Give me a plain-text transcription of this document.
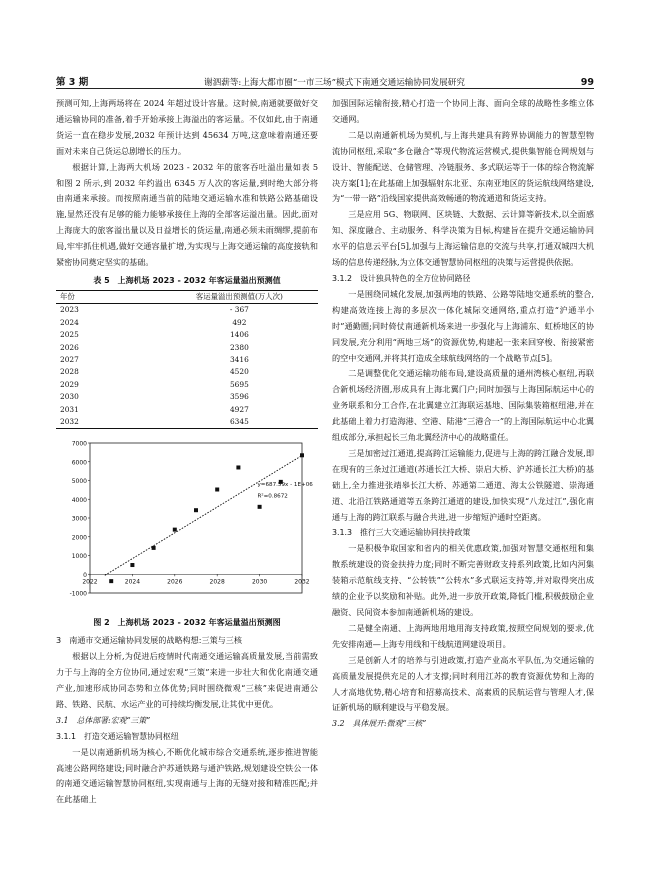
第 3 期	谢泗薪等:上海大都市圈“一市三场”模式下南通交通运输协同发展研究	99

预测可知,上海两场将在 2024 年超过设计容量。这时候,南通就要做好交通运输协同的准备,着手开始承接上海溢出的客运量。不仅如此,由于南通货运一直在稳步发展,2032 年预计达到 45634 万吨,这意味着南通还要面对未来自己货运总剧增长的压力。

根据计算,上海两大机场 2023 - 2032 年的旅客吞吐溢出量如表 5 和图 2 所示,到 2032 年约溢出 6345 万人次的客运量,到时绝大部分将由南通来承接。而按照南通当前的陆地交通运输水准和铁路公路基础设施,显然还没有足够的能力能够承接住上海的全部客运溢出量。因此,面对上海庞大的旅客溢出量以及日益增长的货运量,南通必须未雨绸缪,提前布局,牢牢抓住机遇,做好交通容量扩增,为实现与上海交通运输的高度接轨和紧密协同奠定坚实的基础。

表 5　上海机场 2023 - 2032 年客运量溢出预测值
年份	客运量溢出预测值(万人次)
2023	- 367
2024	492
2025	1406
2026	2380
2027	3416
2028	4520
2029	5695
2030	3596
2031	4927
2032	6345
-1000
0
1000
2000
3000
4000
5000
6000
7000
2022	2024	2026	2028	2030	2032
y=687.59x - 1E+06
R²=0.8672
图 2　上海机场 2023 - 2032 年客运量溢出预测图
3　南通市交通运输协同发展的战略构想:三策与三核

根据以上分析,为促进后疫情时代南通交通运输高质量发展,当前需致力于与上海的全方位协同,通过宏观“三策”来进一步壮大和优化南通交通产业,加速形成协同态势和立体优势;同时围绕微观“三核”来促进南通公路、铁路、民航、水运产业的可持续均衡发展,让其优中更优。

3.1　总体部署:宏观“三策”
3.1.1　打造交通运输智慧协同枢纽

一是以南通新机场为核心,不断优化城市综合交通系统,逐步推进智能高速公路网络建设;同时融合沪苏通铁路与通沪铁路,规划建设空铁公一体的南通交通运输智慧协同枢纽,实现南通与上海的无缝对接和精准匹配;并在此基础上

加强国际运输衔接,精心打造一个协同上海、面向全球的战略性多维立体交通网。

二是以南通新机场为契机,与上海共建具有跨界协调能力的智慧型物流协同枢纽,采取“多仓融合”等现代物流运营模式,提供集智能仓网规划与设计、智能配送、仓储管理、冷链服务、多式联运等于一体的综合物流解决方案[1];在此基础上加强辐射东北亚、东南亚地区的货运航线网络建设,为“一带一路”沿线国家提供高效畅通的物流通道和货运支持。

三是应用 5G、物联网、区块链、大数据、云计算等新技术,以全面感知、深度融合、主动服务、科学决策为目标,构建旨在提升交通运输协同水平的信息云平台[5],加强与上海运输信息的交流与共享,打通双城四大机场的信息传递经脉,为立体交通智慧协同枢纽的决策与运营提供依据。

3.1.2　设计独具特色的全方位协同路径

一是围绕同城化发展,加强两地的铁路、公路等陆地交通系统的整合,构建高效连接上海的多层次一体化城际交通网络,重点打造“沪通半小时”通勤圈;同时倚仗南通新机场来进一步强化与上海浦东、虹桥地区的协同发展,充分利用“两地三场”的资源优势,构建起一张来回穿梭、衔接紧密的空中交通网,并将其打造成全球航线网络的一个战略节点[5]。

二是调整优化交通运输功能布局,建设高质量的通州湾核心枢纽,再联合新机场经济圈,形成具有上海北翼门户;同时加强与上海国际航运中心的业务联系和分工合作,在北翼建立江海联运基地、国际集装箱枢纽港,并在此基础上着力打造海港、空港、陆港“三港合一”的上海国际航运中心北翼组成部分,承担起长三角北翼经济中心的战略重任。

三是加密过江通道,提高跨江运输能力,促进与上海的跨江融合发展,即在现有的三条过江通道(苏通长江大桥、崇启大桥、沪苏通长江大桥)的基础上,全力推进张靖皋长江大桥、苏通第二通道、海太公铁隧道、崇海通道、北沿江铁路通道等五条跨江通道的建设,加快实现“八龙过江”,强化南通与上海的跨江联系与融合共进,进一步缩短沪通时空距离。

3.1.3　推行三大交通运输协同扶持政策

一是积极争取国家和省内的相关优惠政策,加强对智慧交通枢纽和集散系统建设的资金扶持力度;同时不断完善财政支持系列政策,比如内河集装箱示范航线支持、“公转铁”“公转水”多式联运支持等,并对取得突出成绩的企业予以奖励和补贴。此外,进一步放开政策,降低门槛,积极鼓励企业融资、民间资本参加南通新机场的建设。

二是健全南通、上海两地用地用海支持政策,按照空间规划的要求,优先安排南通—上海专用线和干线航道网建设项目。

三是创新人才的培养与引进政策,打造产业高水平队伍,为交通运输的高质量发展提供充足的人才支撑;同时利用江苏的教育资源优势和上海的人才高地优势,精心培育和招募高技术、高素质的民航运营与管理人才,保证新机场的顺利建设与平稳发展。

3.2　具体展开:微观“三核”
